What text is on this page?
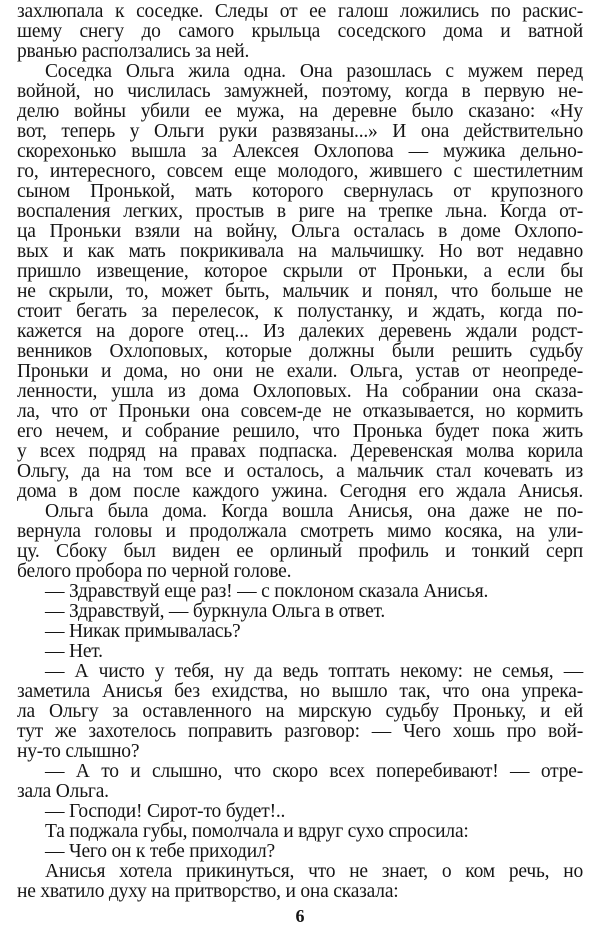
захлюпала к соседке. Следы от ее галош ложились по раскис-
шему снегу до самого крыльца соседского дома и ватной
рванью расползались за ней.
Соседка Ольга жила одна. Она разошлась с мужем перед
войной, но числилась замужней, поэтому, когда в первую не-
делю войны убили ее мужа, на деревне было сказано: «Ну
вот, теперь у Ольги руки развязаны...» И она действительно
скорехонько вышла за Алексея Охлопова — мужика дельно-
го, интересного, совсем еще молодого, жившего с шестилетним
сыном Пронькой, мать которого свернулась от крупозного
воспаления легких, простыв в риге на трепке льна. Когда от-
ца Проньки взяли на войну, Ольга осталась в доме Охлопо-
вых и как мать покрикивала на мальчишку. Но вот недавно
пришло извещение, которое скрыли от Проньки, а если бы
не скрыли, то, может быть, мальчик и понял, что больше не
стоит бегать за перелесок, к полустанку, и ждать, когда по-
кажется на дороге отец... Из далеких деревень ждали родст-
венников Охлоповых, которые должны были решить судьбу
Проньки и дома, но они не ехали. Ольга, устав от неопреде-
ленности, ушла из дома Охлоповых. На собрании она сказа-
ла, что от Проньки она совсем-де не отказывается, но кормить
его нечем, и собрание решило, что Пронька будет пока жить
у всех подряд на правах подпаска. Деревенская молва корила
Ольгу, да на том все и осталось, а мальчик стал кочевать из
дома в дом после каждого ужина. Сегодня его ждала Анисья.
Ольга была дома. Когда вошла Анисья, она даже не по-
вернула головы и продолжала смотреть мимо косяка, на ули-
цу. Сбоку был виден ее орлиный профиль и тонкий серп
белого пробора по черной голове.
— Здравствуй еще раз! — с поклоном сказала Анисья.
— Здравствуй, — буркнула Ольга в ответ.
— Никак примывалась?
— Нет.
— А чисто у тебя, ну да ведь топтать некому: не семья, —
заметила Анисья без ехидства, но вышло так, что она упрека-
ла Ольгу за оставленного на мирскую судьбу Проньку, и ей
тут же захотелось поправить разговор: — Чего хошь про вой-
ну-то слышно?
— А то и слышно, что скоро всех поперебивают! — отре-
зала Ольга.
— Господи! Сирот-то будет!..
Та поджала губы, помолчала и вдруг сухо спросила:
— Чего он к тебе приходил?
Анисья хотела прикинуться, что не знает, о ком речь, но
не хватило духу на притворство, и она сказала:
6
